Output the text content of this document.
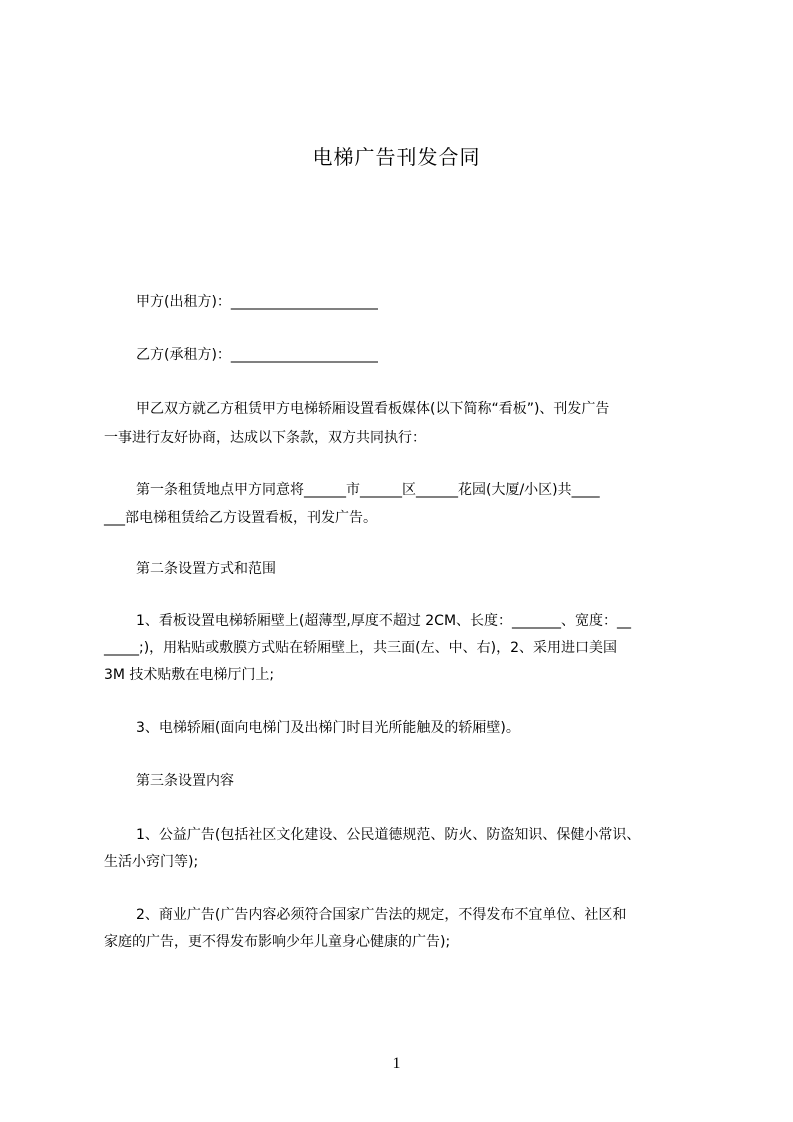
电梯广告刊发合同
甲方(出租方)：_____________________
乙方(承租方)：_____________________
甲乙双方就乙方租赁甲方电梯轿厢设置看板媒体(以下简称“看板”)、刊发广告
一事进行友好协商，达成以下条款，双方共同执行：
第一条租赁地点甲方同意将______市______区______花园(大厦/小区)共____
___部电梯租赁给乙方设置看板，刊发广告。
第二条设置方式和范围
1、看板设置电梯轿厢壁上(超薄型,厚度不超过 2CM、长度：_______、宽度：__
_____;)，用粘贴或敷膜方式贴在轿厢壁上，共三面(左、中、右)，2、采用进口美国
3M 技术贴敷在电梯厅门上;
3、电梯轿厢(面向电梯门及出梯门时目光所能触及的轿厢壁)。
第三条设置内容
1、公益广告(包括社区文化建设、公民道德规范、防火、防盗知识、保健小常识、
生活小窍门等);
2、商业广告(广告内容必须符合国家广告法的规定，不得发布不宜单位、社区和
家庭的广告，更不得发布影响少年儿童身心健康的广告);
1
